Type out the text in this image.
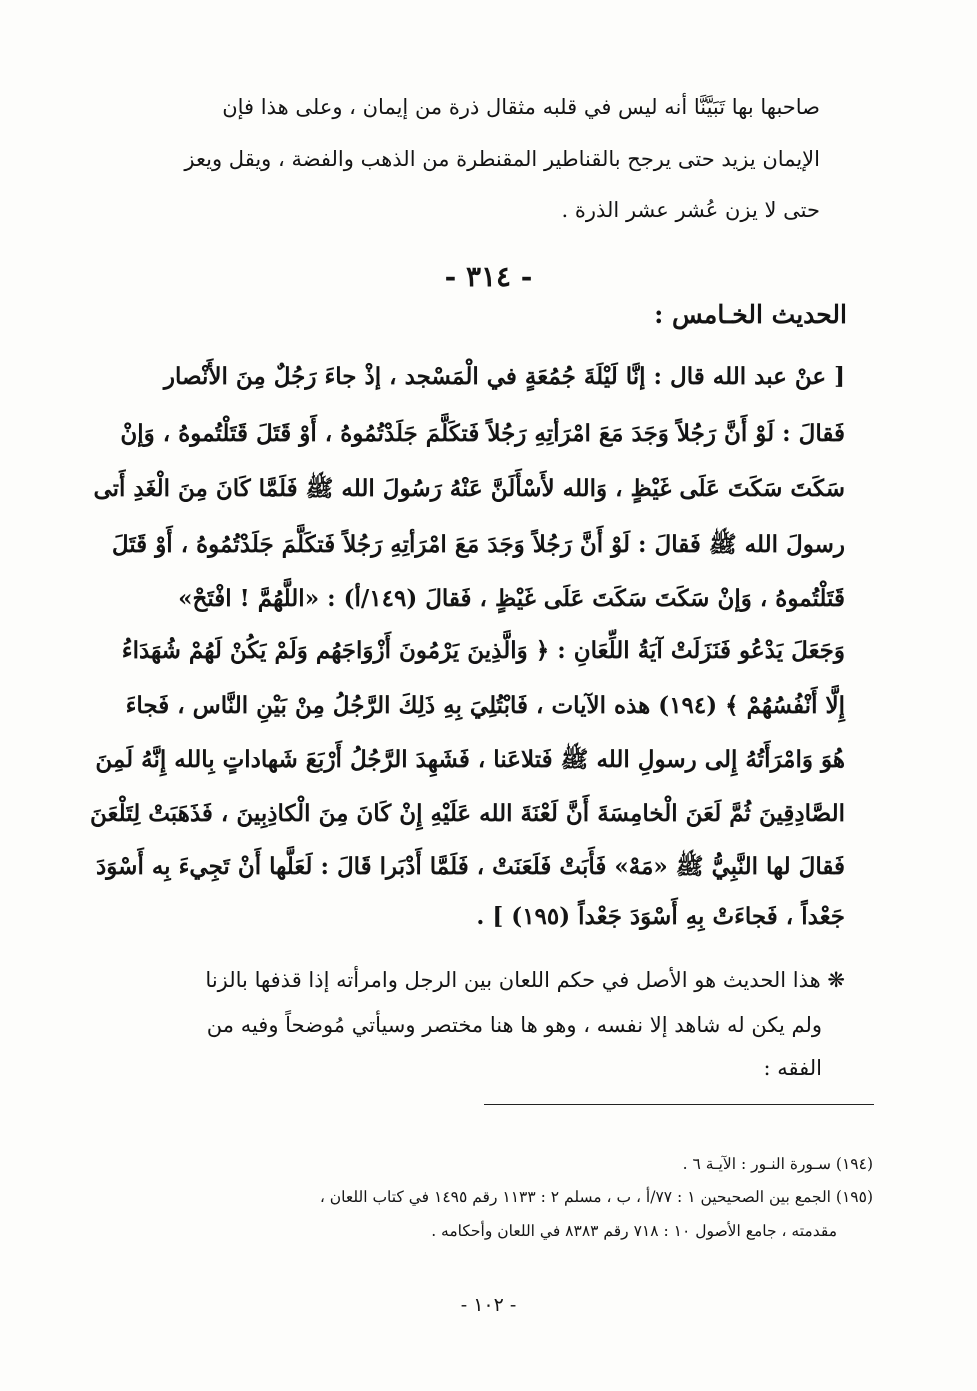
صاحبها بها تَبَيَّنَّا أنه ليس في قلبه مثقال ذرة من إيمان ، وعلى هذا فإن
الإيمان يزيد حتى يرجح بالقناطير المقنطرة من الذهب والفضة ، ويقل ويعز
حتى لا يزن عُشر عشر الذرة .
- ٣١٤ -
الحديث الخـامس :
[ عنْ عبد الله قال : إنَّا لَيْلَةَ جُمُعَةٍ في الْمَسْجد ، إذْ جاءَ رَجُلٌ مِنَ الأَنْصار
فَقالَ : لَوْ أَنَّ رَجُلاً وَجَدَ مَعَ امْرَأتِهِ رَجُلاً فَتكَلَّمَ جَلَدْتُمُوهُ ، أَوْ قَتَلَ قَتَلْتُموهُ ، وَإنْ
سَكَتَ سَكَتَ عَلَى غَيْظٍ ، وَالله لأَسْأَلَنَّ عَنْهُ رَسُولَ الله ﷺ فَلَمَّا كَانَ مِنَ الْغَدِ أَتى
رسولَ الله ﷺ فَقالَ : لَوْ أَنَّ رَجُلاً وَجَدَ مَعَ امْرَأتِهِ رَجُلاً فَتكَلَّمَ جَلَدْتُمُوهُ ، أَوْ قَتَلَ
قَتَلْتُموهُ ، وَإنْ سَكَتَ سَكَتَ عَلَى غَيْظٍ ، فَقالَ (١٤٩/أ) : «اللَّهُمَّ ! افْتَحْ»
وَجَعَلَ يَدْعُو فَنَزَلَتْ آيَةُ اللِّعَانِ : ﴿ وَالَّذِينَ يَرْمُونَ أَزْوَاجَهُم وَلَمْ يَكُنْ لَهُمْ شُهَدَاءُ
إِلَّا أَنْفُسُهُمْ ﴾ (١٩٤) هذه الآيات ، فَابْتُلِيَ بِهِ ذَلِكَ الرَّجُلُ مِنْ بَيْنِ النَّاس ، فَجاءَ
هُوَ وَامْرَأَتُهُ إِلى رسولِ الله ﷺ فَتلاعَنا ، فَشَهِدَ الرَّجُلُ أَرْبَعَ شَهاداتٍ بِالله إِنَّهُ لَمِنَ
الصَّادِقِينَ ثُمَّ لَعَنَ الْخامِسَةَ أَنَّ لَعْنَةَ الله عَلَيْهِ إِنْ كَانَ مِنَ الْكاذِبِينَ ، فَذَهَبَتْ لِتَلْعَنَ
فَقالَ لها النَّبِيُّ ﷺ «مَهْ» فَأَبَتْ فَلَعَنَتْ ، فَلَمَّا أَدْبَرا قَالَ : لَعَلَّها أَنْ تَجِيءَ بِه أَسْوَدَ
جَعْداً ، فَجاءَتْ بِهِ أَسْوَدَ جَعْداً (١٩٥) ] .
❋ هذا الحديث هو الأصل في حكم اللعان بين الرجل وامرأته إذا قذفها بالزنا
ولم يكن له شاهد إلا نفسه ، وهو ها هنا مختصر وسيأتي مُوضحاً وفيه من
الفقه :
(١٩٤) سـورة النـور : الآيـة ٦ .
(١٩٥) الجمع بين الصحيحين ١ : ٧٧/أ ، ب ، مسلم ٢ : ١١٣٣ رقم ١٤٩٥ في كتاب اللعان ،
مقدمته ، جامع الأصول ١٠ : ٧١٨ رقم ٨٣٨٣ في اللعان وأحكامه .
- ١٠٢ -
